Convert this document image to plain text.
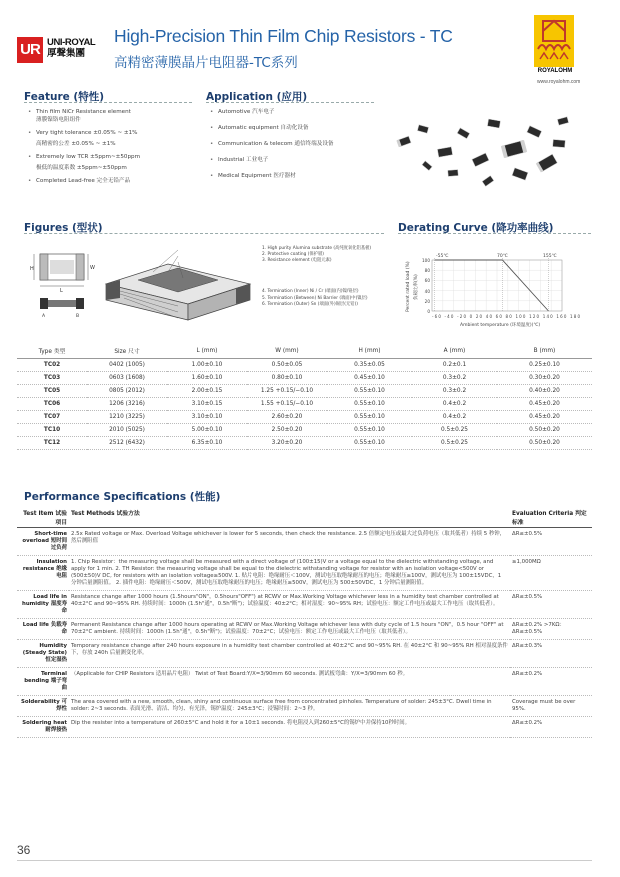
UR UNI-ROYAL
厚聲集團
High-Precision Thin Film Chip Resistors - TC
高精密薄膜晶片电阻器-TC系列	ROYALOHM
www.royalohm.com
Feature (特性)
• Thin film NiCr Resistance element
薄膜镍铬电阻组件
• Very tight tolerance ±0.05% ~ ±1%
高精密的公差 ±0.05% ~ ±1%
• Extremely low TCR ±5ppm~±50ppm
极低的温度系数 ±5ppm~±50ppm
• Completed Lead-free 完全无铅产品
Application (应用)
• Automotive 汽车电子
• Automatic equipment 自动化设备
• Communication & telecom 通信终端及设备
• Industrial 工业电子
• Medical Equipment 医疗器材
Figures (型状)
H	W
L
A	B
1. High purity Alumina substrate (高纯度氧化铝基板)
2. Protective coating (保护層)
3. Resistance element (电阻元素)
4. Termination (Inner) Ni / Cr (端面(内)镍/铬层)
5. Termination (Between) Ni Barrier (端面(中)镍层)
6. Termination (Outer) Sn (端面(外)锡层(无铅))
Derating Curve (降功率曲线)
-55℃	70℃	155℃
100
80
60
40
20
0
-60 -40 -20 0 20 40 60 80 100 120 140 160 180
Ambient temperature (环境温度)(℃)
Percent rated load (%) 负载比率(%)
Type 类型	Size 尺寸	L (mm)	W (mm)	H (mm)	A (mm)	B (mm)
TC02	0402 (1005)	1.00±0.10	0.50±0.05	0.35±0.05	0.2±0.1	0.25±0.10
TC03	0603 (1608)	1.60±0.10	0.80±0.10	0.45±0.10	0.3±0.2	0.30±0.20
TC05	0805 (2012)	2.00±0.15	1.25 +0.15/−0.10	0.55±0.10	0.3±0.2	0.40±0.20
TC06	1206 (3216)	3.10±0.15	1.55 +0.15/−0.10	0.55±0.10	0.4±0.2	0.45±0.20
TC07	1210 (3225)	3.10±0.10	2.60±0.20	0.55±0.10	0.4±0.2	0.45±0.20
TC10	2010 (5025)	5.00±0.10	2.50±0.20	0.55±0.10	0.5±0.25	0.50±0.20
TC12	2512 (6432)	6.35±0.10	3.20±0.20	0.55±0.10	0.5±0.25	0.50±0.20
Performance Specifications (性能)
Test Item 试验项目	Test Methods 试验方法	Evaluation Criteria 判定标准
Short-time overload 短时间过负荷	2.5x Rated voltage or Max. Overload Voltage whichever is lower for 5 seconds, then check the resistance. 2.5 倍额定电压或最大过负荷电压（取其低者）持续 5 秒钟，然后测阻值	ΔR≤±0.5%
Insulation resistance 绝缘电阻	1. Chip Resistor：the measuring voltage shall be measured with a direct voltage of (100±15)V or a voltage equal to the dielectric withstanding voltage, and apply for 1 min. 2. TH Resistor: the measuring voltage shall be equal to the dielectric withstanding voltage for resistor with an isolation voltage<500V or (500±50)V DC, for resistors with an isolation voltage≥500V. 1. 贴片电阻：绝缘耐压＜100V，测试电压取绝缘耐压的电压；绝缘耐压≥100V，测试电压为 100±15VDC，1 分钟后量测阻值。 2. 插件电阻：绝缘耐压＜500V，测试电压取绝缘耐压的电压；绝缘耐压≥500V，测试电压为 500±50VDC，1 分钟后量测阻值。	≥1,000MΩ
Load life in humidity 湿度寿命	Resistance change after 1000 hours (1.5hours"ON"，0.5hours"OFF") at RCWV or Max.Working Voltage whichever less in a humidity test chamber controlled at 40±2°C and 90~95% RH. 持续时间：1000h (1.5h"通"，0.5h"断")；试验温度：40±2°C；相对湿度：90~95% RH；试验电压：额定工作电压或最大工作电压（取其低者）。	ΔR≤±0.5%
Load life 负载寿命	Permanent Resistance change after 1000 hours operating at RCWV or Max.Working Voltage whichever less with duty cycle of 1.5 hours "ON"，0.5 hour "OFF" at 70±2°C ambient. 持续时间：1000h (1.5h"通"，0.5h"断")；试验温度：70±2°C；试验电压：额定工作电压或最大工作电压（取其低者）。	ΔR≤±0.2% >7KΩ：ΔR≤±0.5%
Humidity (Steady State) 恒定湿热	Temporary resistance change after 240 hours exposure in a humidity test chamber controlled at 40±2°C and 90~95% RH. 在 40±2°C 和 90~95% RH 相对湿度条件下，存放 240h 后量测变化率。	ΔR≤±0.3%
Terminal bending 端子弯曲	（Applicable for CHIP Resistors 适用晶片电阻） Twist of Test Board:Y/X=3/90mm 60 seconds. 测试板弯曲：Y/X=3/90mm 60 秒。	ΔR≤±0.2%
Solderability 可焊性	The area covered with a new, smooth, clean, shiny and continuous surface free from concentrated pinholes. Temperature of solder: 245±3°C. Dwell time in solder: 2~3 seconds. 表面光滑、清洁、均匀、有光泽，锡炉温度：245±3°C；浸锡时间：2~3 秒。	Coverage must be over 95%.
Soldering heat 耐焊接热	Dip the resister into a temperature of 260±5°C and hold it for a 10±1 seconds. 将电阻浸入到260±5°C的锡炉中并保持10秒时间。	ΔR≤±0.2%
36
